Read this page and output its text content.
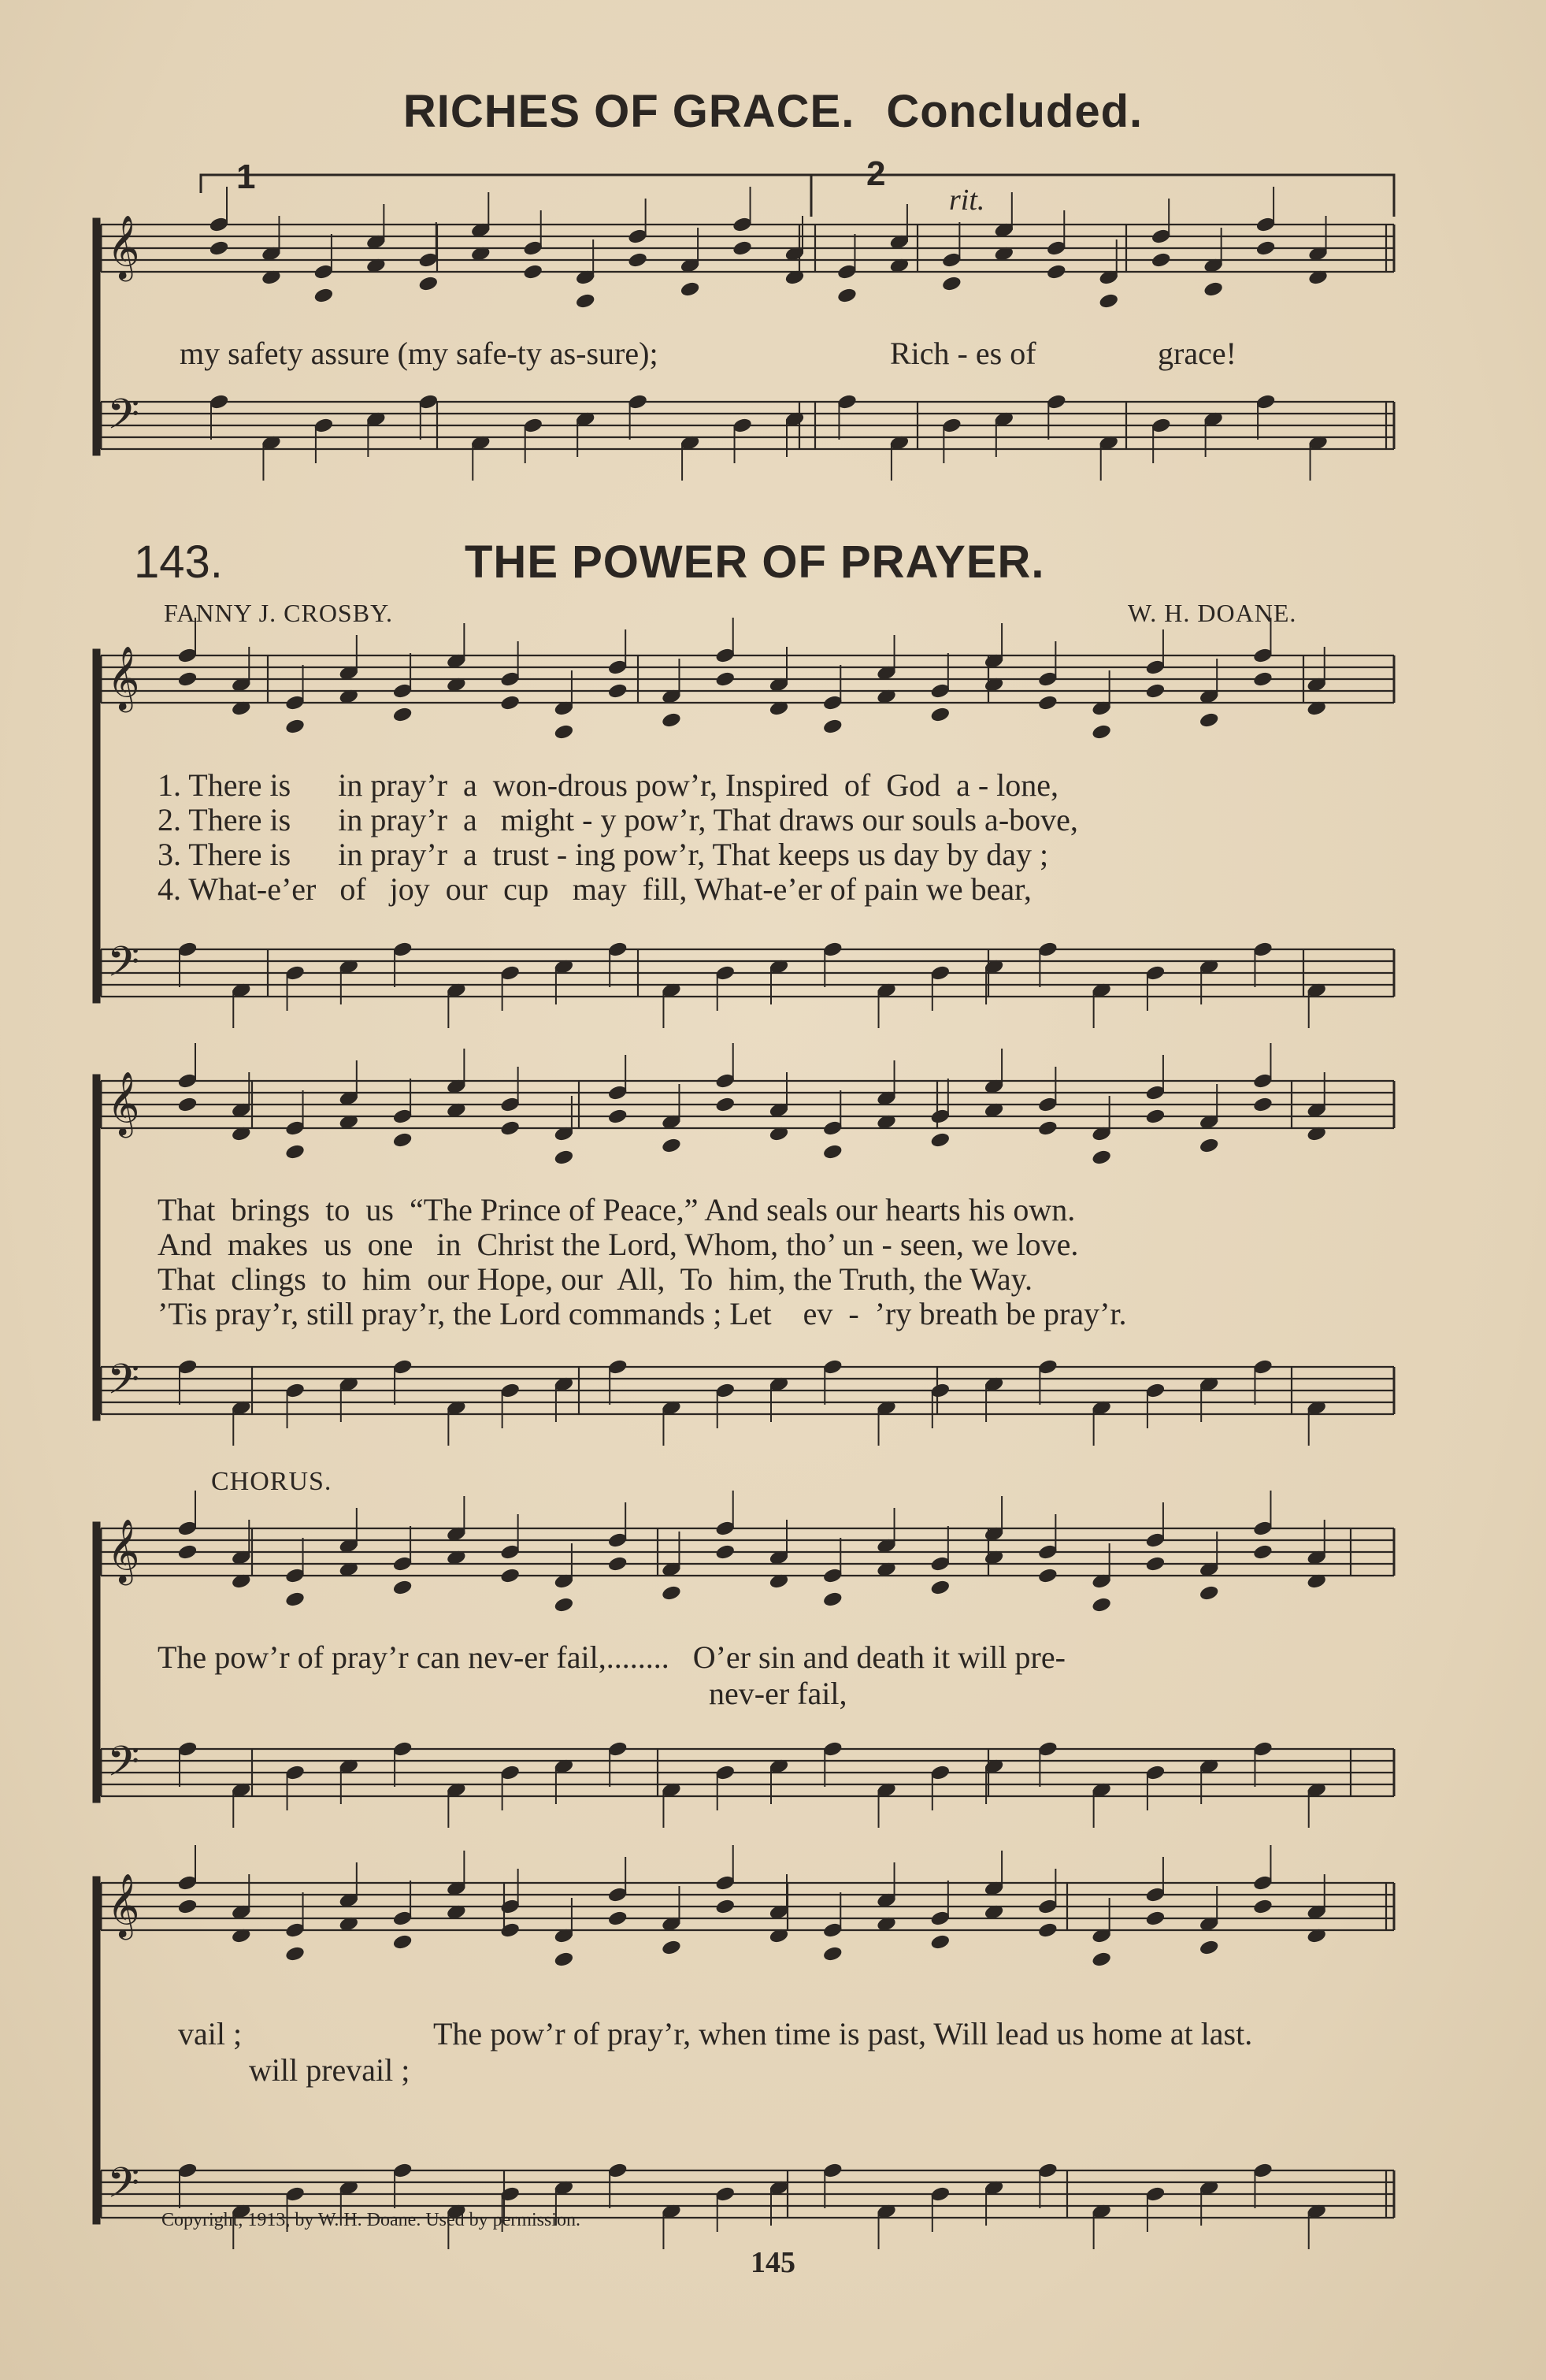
RICHES OF GRACE. Concluded.
𝄞
𝄢
𝄞
𝄢
𝄞
𝄢
𝄞
𝄢
𝄞
𝄢
1	2
rit.
my safety assure (my safe-ty as-sure);	Rich - es of	grace!
143.	THE POWER OF PRAYER.
FANNY J. CROSBY.	W. H. DOANE.
1. There is      in pray’r  a  won-drous pow’r, Inspired  of  God  a - lone,
2. There is      in pray’r  a   might - y pow’r, That draws our souls a-bove,
3. There is      in pray’r  a  trust - ing pow’r, That keeps us day by day ;
4. What-e’er   of   joy  our  cup   may  fill, What-e’er of pain we bear,
That  brings  to  us  “The Prince of Peace,” And seals our hearts his own.
And  makes  us  one   in  Christ the Lord, Whom, tho’ un - seen, we love.
That  clings  to  him  our Hope, our  All,  To  him, the Truth, the Way.
’Tis pray’r, still pray’r, the Lord commands ; Let    ev  -  ’ry breath be pray’r.
CHORUS.
The pow’r of pray’r can nev-er fail,........   O’er sin and death it will pre-
nev-er fail,
vail ;	The pow’r of pray’r, when time is past, Will lead us home at last.
will prevail ;
Copyright, 1913, by W. H. Doane. Used by permission.
145
